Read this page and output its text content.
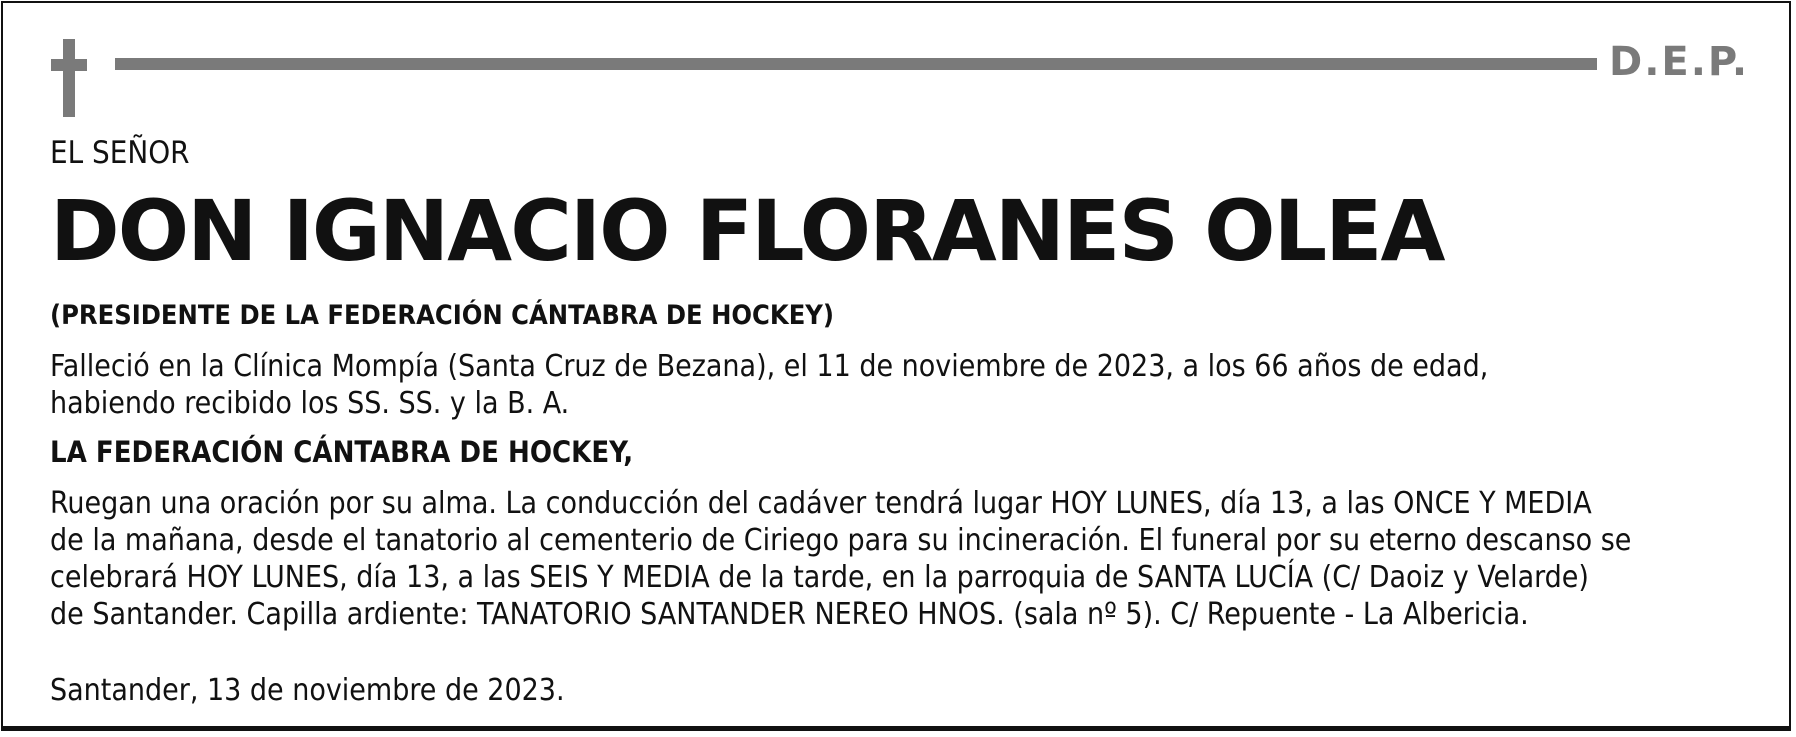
D.E.P.
EL SEÑOR
DON IGNACIO FLORANES OLEA
(PRESIDENTE DE LA FEDERACIÓN CÁNTABRA DE HOCKEY)
Falleció en la Clínica Mompía (Santa Cruz de Bezana), el 11 de noviembre de 2023, a los 66 años de edad,
habiendo recibido los SS. SS. y la B. A.
LA FEDERACIÓN CÁNTABRA DE HOCKEY,
Ruegan una oración por su alma. La conducción del cadáver tendrá lugar HOY LUNES, día 13, a las ONCE Y MEDIA
de la mañana, desde el tanatorio al cementerio de Ciriego para su incineración. El funeral por su eterno descanso se
celebrará HOY LUNES, día 13, a las SEIS Y MEDIA de la tarde, en la parroquia de SANTA LUCÍA (C/ Daoiz y Velarde)
de Santander. Capilla ardiente: TANATORIO SANTANDER NEREO HNOS. (sala nº 5). C/ Repuente - La Albericia.
Santander, 13 de noviembre de 2023.
